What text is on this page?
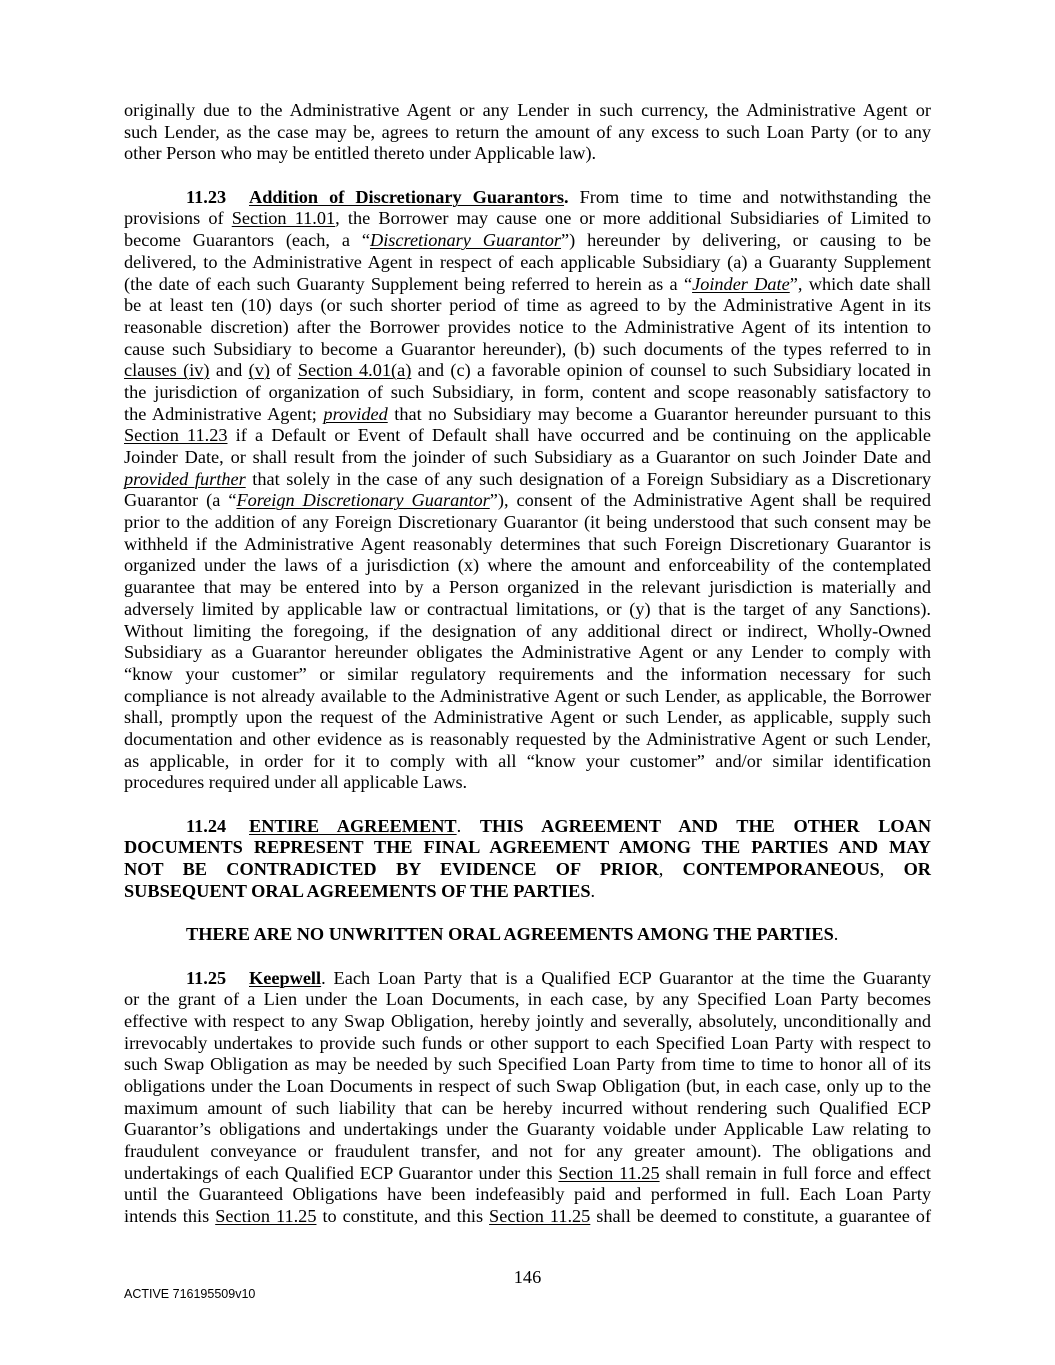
originally due to the Administrative Agent or any Lender in such currency, the Administrative Agent or
such Lender, as the case may be, agrees to return the amount of any excess to such Loan Party (or to any
other Person who may be entitled thereto under Applicable law).
11.23 Addition of Discretionary Guarantors. From time to time and notwithstanding the
provisions of Section 11.01, the Borrower may cause one or more additional Subsidiaries of Limited to
become Guarantors (each, a “Discretionary Guarantor”) hereunder by delivering, or causing to be
delivered, to the Administrative Agent in respect of each applicable Subsidiary (a) a Guaranty Supplement
(the date of each such Guaranty Supplement being referred to herein as a “Joinder Date”, which date shall
be at least ten (10) days (or such shorter period of time as agreed to by the Administrative Agent in its
reasonable discretion) after the Borrower provides notice to the Administrative Agent of its intention to
cause such Subsidiary to become a Guarantor hereunder), (b) such documents of the types referred to in
clauses (iv) and (v) of Section 4.01(a) and (c) a favorable opinion of counsel to such Subsidiary located in
the jurisdiction of organization of such Subsidiary, in form, content and scope reasonably satisfactory to
the Administrative Agent; provided that no Subsidiary may become a Guarantor hereunder pursuant to this
Section 11.23 if a Default or Event of Default shall have occurred and be continuing on the applicable
Joinder Date, or shall result from the joinder of such Subsidiary as a Guarantor on such Joinder Date and
provided further that solely in the case of any such designation of a Foreign Subsidiary as a Discretionary
Guarantor (a “Foreign Discretionary Guarantor”), consent of the Administrative Agent shall be required
prior to the addition of any Foreign Discretionary Guarantor (it being understood that such consent may be
withheld if the Administrative Agent reasonably determines that such Foreign Discretionary Guarantor is
organized under the laws of a jurisdiction (x) where the amount and enforceability of the contemplated
guarantee that may be entered into by a Person organized in the relevant jurisdiction is materially and
adversely limited by applicable law or contractual limitations, or (y) that is the target of any Sanctions).
Without limiting the foregoing, if the designation of any additional direct or indirect, Wholly-Owned
Subsidiary as a Guarantor hereunder obligates the Administrative Agent or any Lender to comply with
“know your customer” or similar regulatory requirements and the information necessary for such
compliance is not already available to the Administrative Agent or such Lender, as applicable, the Borrower
shall, promptly upon the request of the Administrative Agent or such Lender, as applicable, supply such
documentation and other evidence as is reasonably requested by the Administrative Agent or such Lender,
as applicable, in order for it to comply with all “know your customer” and/or similar identification
procedures required under all applicable Laws.
11.24 ENTIRE AGREEMENT. THIS AGREEMENT AND THE OTHER LOAN
DOCUMENTS REPRESENT THE FINAL AGREEMENT AMONG THE PARTIES AND MAY
NOT BE CONTRADICTED BY EVIDENCE OF PRIOR, CONTEMPORANEOUS, OR
SUBSEQUENT ORAL AGREEMENTS OF THE PARTIES.
THERE ARE NO UNWRITTEN ORAL AGREEMENTS AMONG THE PARTIES.
11.25 Keepwell. Each Loan Party that is a Qualified ECP Guarantor at the time the Guaranty
or the grant of a Lien under the Loan Documents, in each case, by any Specified Loan Party becomes
effective with respect to any Swap Obligation, hereby jointly and severally, absolutely, unconditionally and
irrevocably undertakes to provide such funds or other support to each Specified Loan Party with respect to
such Swap Obligation as may be needed by such Specified Loan Party from time to time to honor all of its
obligations under the Loan Documents in respect of such Swap Obligation (but, in each case, only up to the
maximum amount of such liability that can be hereby incurred without rendering such Qualified ECP
Guarantor’s obligations and undertakings under the Guaranty voidable under Applicable Law relating to
fraudulent conveyance or fraudulent transfer, and not for any greater amount). The obligations and
undertakings of each Qualified ECP Guarantor under this Section 11.25 shall remain in full force and effect
until the Guaranteed Obligations have been indefeasibly paid and performed in full. Each Loan Party
intends this Section 11.25 to constitute, and this Section 11.25 shall be deemed to constitute, a guarantee of
146
ACTIVE 716195509v10
